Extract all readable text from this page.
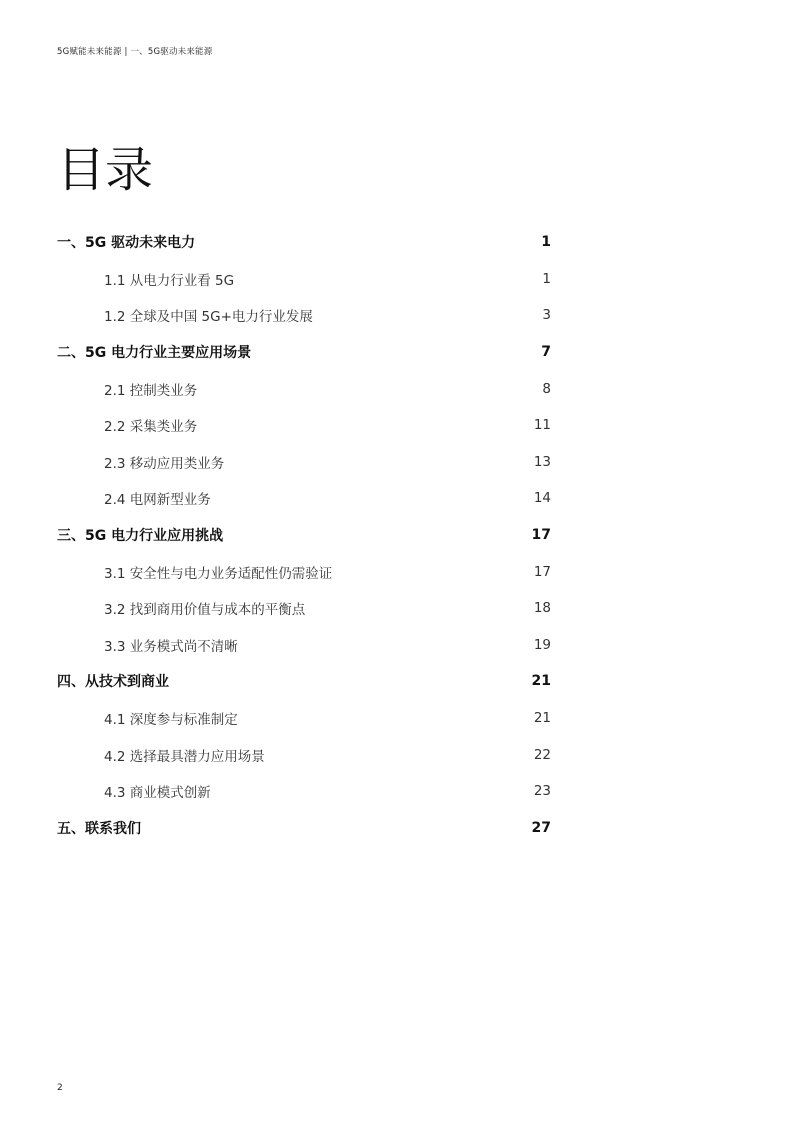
5G赋能未来能源 | 一、5G驱动未来能源
目录
一、5G 驱动未来电力	1
1.1 从电力行业看 5G	1
1.2 全球及中国 5G+电力行业发展	3
二、5G 电力行业主要应用场景	7
2.1 控制类业务	8
2.2 采集类业务	11
2.3 移动应用类业务	13
2.4 电网新型业务	14
三、5G 电力行业应用挑战	17
3.1 安全性与电力业务适配性仍需验证	17
3.2 找到商用价值与成本的平衡点	18
3.3 业务模式尚不清晰	19
四、从技术到商业	21
4.1 深度参与标准制定	21
4.2 选择最具潜力应用场景	22
4.3 商业模式创新	23
五、联系我们	27
2
